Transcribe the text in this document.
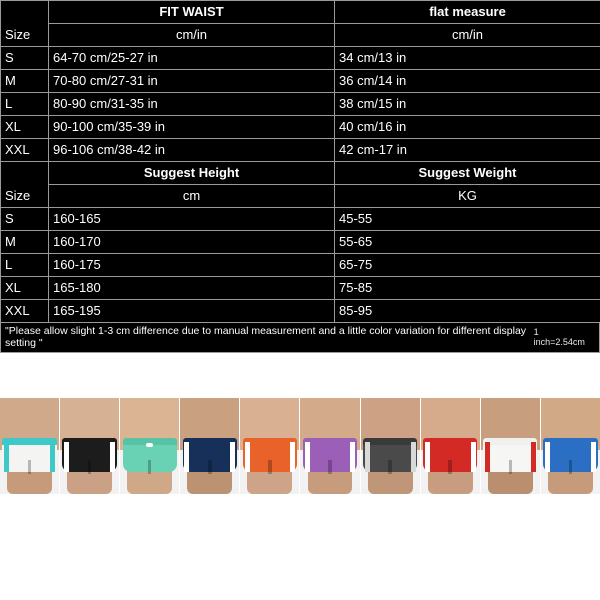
Size	FIT WAIST	flat measure
	cm/in	cm/in
S	64-70 cm/25-27 in	34 cm/13 in
M	70-80 cm/27-31 in	36 cm/14 in
L	80-90 cm/31-35 in	38 cm/15 in
XL	90-100 cm/35-39 in	40 cm/16 in
XXL	96-106 cm/38-42 in	42 cm-17 in
Size	Suggest Height	Suggest Weight
	cm	KG
S	160-165	45-55
M	160-170	55-65
L	160-175	65-75
XL	165-180	75-85
XXL	165-195	85-95
"Please allow slight 1-3 cm difference due to manual measurement and a little color variation for different display setting "
1 inch=2.54cm
